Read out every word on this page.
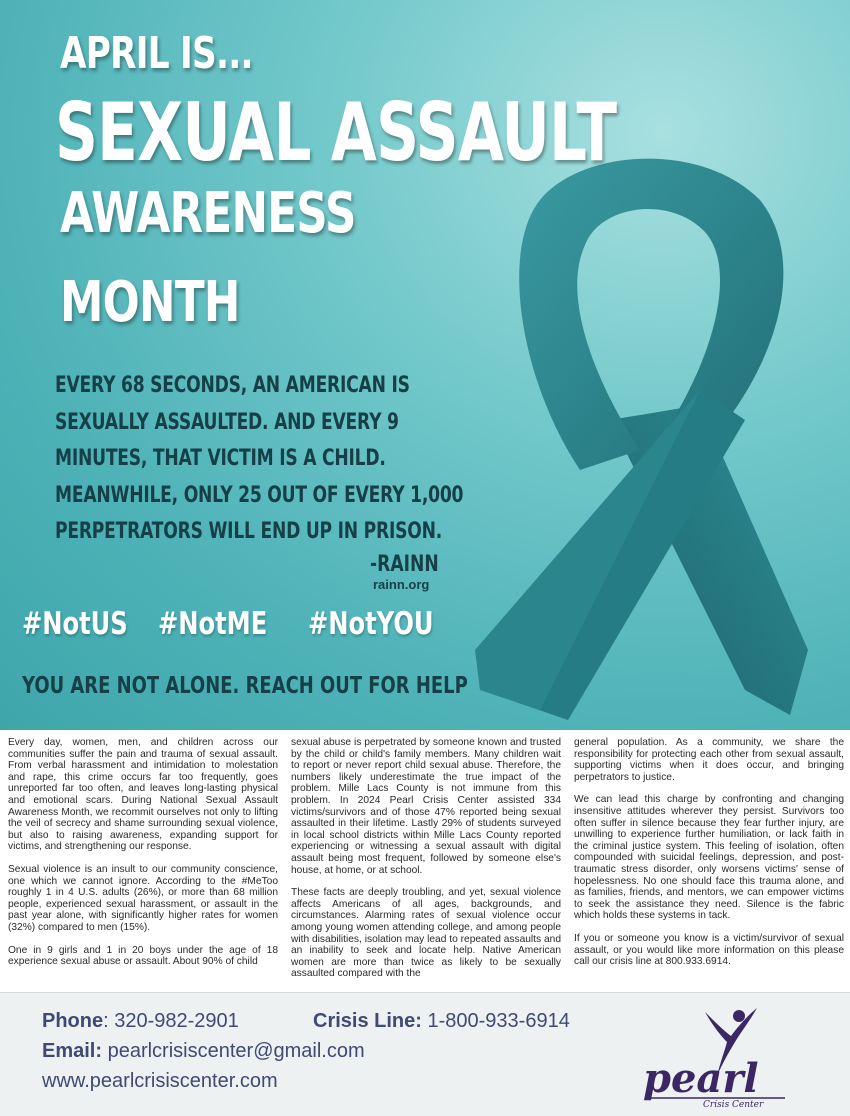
APRIL IS...
SEXUAL ASSAULT
AWARENESS
MONTH
EVERY 68 SECONDS, AN AMERICAN IS
SEXUALLY ASSAULTED. AND EVERY 9
MINUTES, THAT VICTIM IS A CHILD.
MEANWHILE, ONLY 25 OUT OF EVERY 1,000
PERPETRATORS WILL END UP IN PRISON.
-RAINN
rainn.org
#NotUS #NotME #NotYOU
YOU ARE NOT ALONE. REACH OUT FOR HELP

Every day, women, men, and children across our communities suffer the pain and trauma of sexual assault. From verbal harassment and intimidation to molestation and rape, this crime occurs far too frequently, goes unreported far too often, and leaves long-lasting physical and emotional scars. During National Sexual Assault Awareness Month, we recommit ourselves not only to lifting the veil of secrecy and shame surrounding sexual violence, but also to raising awareness, expanding support for victims, and strengthening our response.

Sexual violence is an insult to our community conscience, one which we cannot ignore. According to the #MeToo roughly 1 in 4 U.S. adults (26%), or more than 68 million people, experienced sexual harassment, or assault in the past year alone, with significantly higher rates for women (32%) compared to men (15%).

One in 9 girls and 1 in 20 boys under the age of 18 experience sexual abuse or assault. About 90% of child

sexual abuse is perpetrated by someone known and trusted by the child or child's family members. Many children wait to report or never report child sexual abuse. Therefore, the numbers likely underestimate the true impact of the problem. Mille Lacs County is not immune from this problem. In 2024 Pearl Crisis Center assisted 334 victims/survivors and of those 47% reported being sexual assaulted in their lifetime. Lastly 29% of students surveyed in local school districts within Mille Lacs County reported experiencing or witnessing a sexual assault with digital assault being most frequent, followed by someone else's house, at home, or at school.

These facts are deeply troubling, and yet, sexual violence affects Americans of all ages, backgrounds, and circumstances. Alarming rates of sexual violence occur among young women attending college, and among people with disabilities, isolation may lead to repeated assaults and an inability to seek and locate help. Native American women are more than twice as likely to be sexually assaulted compared with the

general population. As a community, we share the responsibility for protecting each other from sexual assault, supporting victims when it does occur, and bringing perpetrators to justice.

We can lead this charge by confronting and changing insensitive attitudes wherever they persist. Survivors too often suffer in silence because they fear further injury, are unwilling to experience further humiliation, or lack faith in the criminal justice system. This feeling of isolation, often compounded with suicidal feelings, depression, and post-traumatic stress disorder, only worsens victims' sense of hopelessness. No one should face this trauma alone, and as families, friends, and mentors, we can empower victims to seek the assistance they need. Silence is the fabric which holds these systems in tack.

If you or someone you know is a victim/survivor of sexual assault, or you would like more information on this please call our crisis line at 800.933.6914.

Phone: 320-982-2901	Crisis Line: 1-800-933-6914
Email: pearlcrisiscenter@gmail.com
www.pearlcrisiscenter.com	pearl
Crisis Center
